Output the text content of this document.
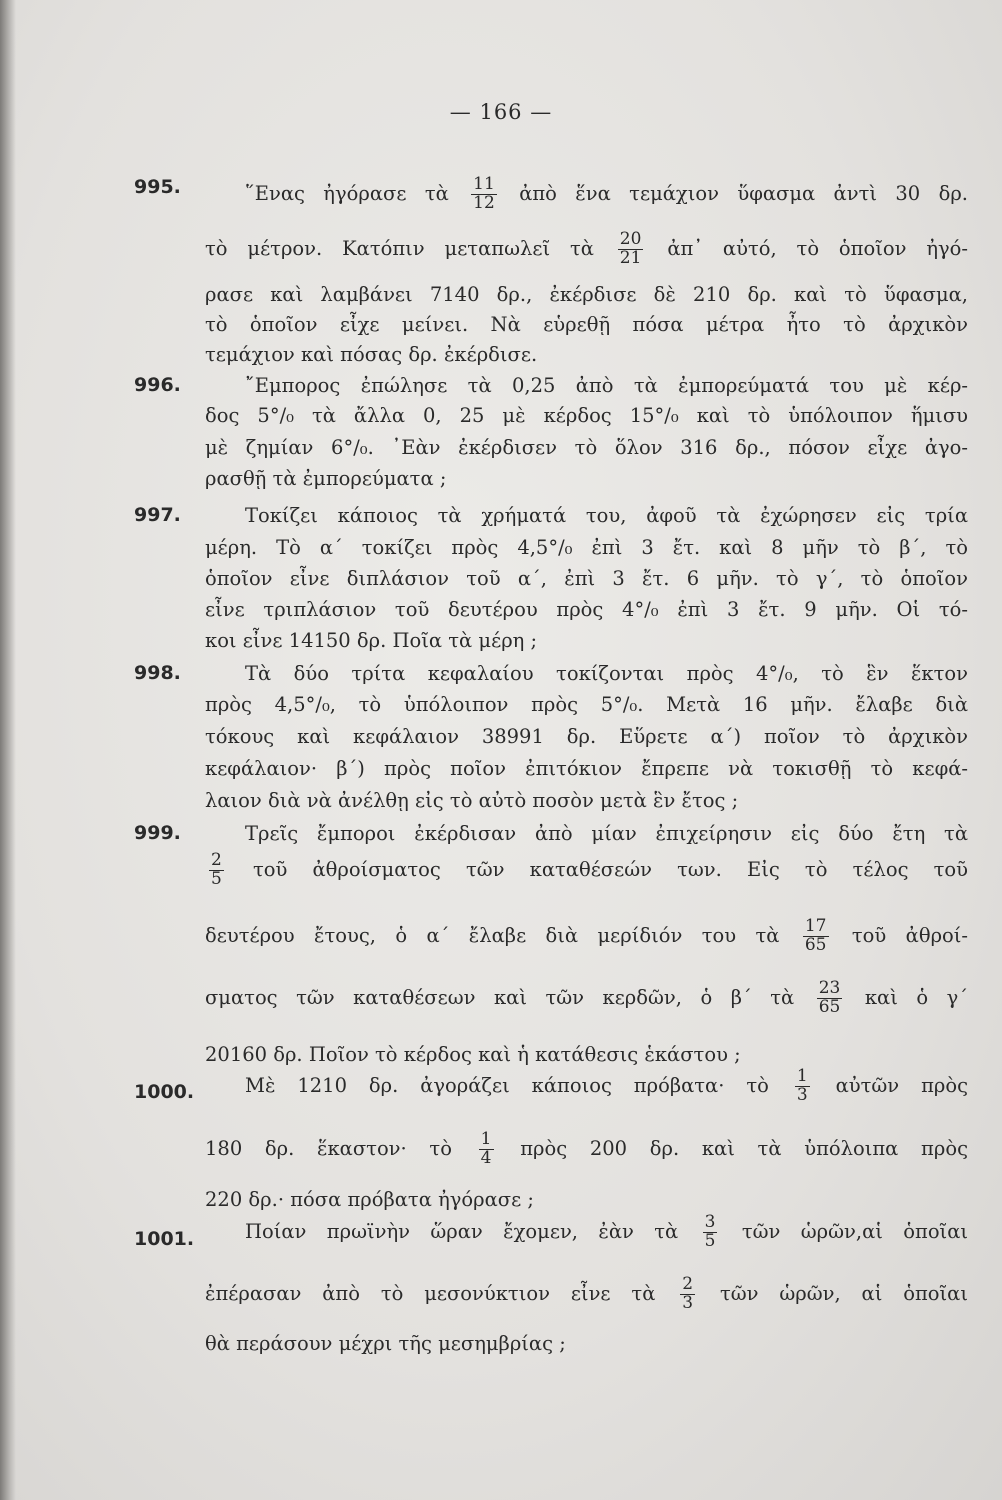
— 166 —
995.	῞Ενας ἠγόρασε τὰ $\frac{11}{12}$ ἀπὸ ἕνα τεμάχιον ὕφασμα ἀντὶ 30 δρ.
τὸ μέτρον. Κατόπιν μεταπωλεῖ τὰ $\frac{20}{21}$ ἀπ᾽ αὐτό, τὸ ὁποῖον ἠγό-
ρασε καὶ λαμβάνει 7140 δρ., ἐκέρδισε δὲ 210 δρ. καὶ τὸ ὕφασμα,
τὸ ὁποῖον εἶχε μείνει. Νὰ εὑρεθῇ πόσα μέτρα ἦτο τὸ ἀρχικὸν
τεμάχιον καὶ πόσας δρ. ἐκέρδισε.
996.	῎Εμπορος ἐπώλησε τὰ 0,25 ἀπὸ τὰ ἐμπορεύματά του μὲ κέρ-
δος 5°/₀ τὰ ἄλλα 0, 25 μὲ κέρδος 15°/₀ καὶ τὸ ὑπόλοιπον ἥμισυ
μὲ ζημίαν 6°/₀. ᾽Εὰν ἐκέρδισεν τὸ ὅλον 316 δρ., πόσον εἶχε ἀγο-
ρασθῇ τὰ ἐμπορεύματα ;
997.	Τοκίζει κάποιος τὰ χρήματά του, ἀφοῦ τὰ ἐχώρησεν εἰς τρία
μέρη. Τὸ α΄ τοκίζει πρὸς 4,5°/₀ ἐπὶ 3 ἔτ. καὶ 8 μῆν τὸ β΄, τὸ
ὁποῖον εἶνε διπλάσιον τοῦ α΄, ἐπὶ 3 ἔτ. 6 μῆν. τὸ γ΄, τὸ ὁποῖον
εἶνε τριπλάσιον τοῦ δευτέρου πρὸς 4°/₀ ἐπὶ 3 ἔτ. 9 μῆν. Οἱ τό-
κοι εἶνε 14150 δρ. Ποῖα τὰ μέρη ;
998.	Τὰ δύο τρίτα κεφαλαίου τοκίζονται πρὸς 4°/₀, τὸ ἓν ἕκτον
πρὸς 4,5°/₀, τὸ ὑπόλοιπον πρὸς 5°/₀. Μετὰ 16 μῆν. ἔλαβε διὰ
τόκους καὶ κεφάλαιον 38991 δρ. Εὕρετε α΄) ποῖον τὸ ἀρχικὸν
κεφάλαιον· β΄) πρὸς ποῖον ἐπιτόκιον ἔπρεπε νὰ τοκισθῇ τὸ κεφά-
λαιον διὰ νὰ ἀνέλθῃ εἰς τὸ αὐτὸ ποσὸν μετὰ ἓν ἔτος ;
999.	Τρεῖς ἔμποροι ἐκέρδισαν ἀπὸ μίαν ἐπιχείρησιν εἰς δύο ἔτη τὰ
$\frac{2}{5}$ τοῦ ἀθροίσματος τῶν καταθέσεών των. Εἰς τὸ τέλος τοῦ
δευτέρου ἔτους, ὁ α΄ ἔλαβε διὰ μερίδιόν του τὰ $\frac{17}{65}$ τοῦ ἀθροί-
σματος τῶν καταθέσεων καὶ τῶν κερδῶν, ὁ β΄ τὰ $\frac{23}{65}$ καὶ ὁ γ΄
20160 δρ. Ποῖον τὸ κέρδος καὶ ἡ κατάθεσις ἑκάστου ;
1000.	Μὲ 1210 δρ. ἀγοράζει κάποιος πρόβατα· τὸ $\frac{1}{3}$ αὐτῶν πρὸς
180 δρ. ἕκαστον· τὸ $\frac{1}{4}$ πρὸς 200 δρ. καὶ τὰ ὑπόλοιπα πρὸς
220 δρ.· πόσα πρόβατα ἠγόρασε ;
1001.	Ποίαν πρωϊνὴν ὥραν ἔχομεν, ἐὰν τὰ $\frac{3}{5}$ τῶν ὡρῶν,αἱ ὁποῖαι
ἐπέρασαν ἀπὸ τὸ μεσονύκτιον εἶνε τὰ $\frac{2}{3}$ τῶν ὡρῶν, αἱ ὁποῖαι
θὰ περάσουν μέχρι τῆς μεσημβρίας ;
